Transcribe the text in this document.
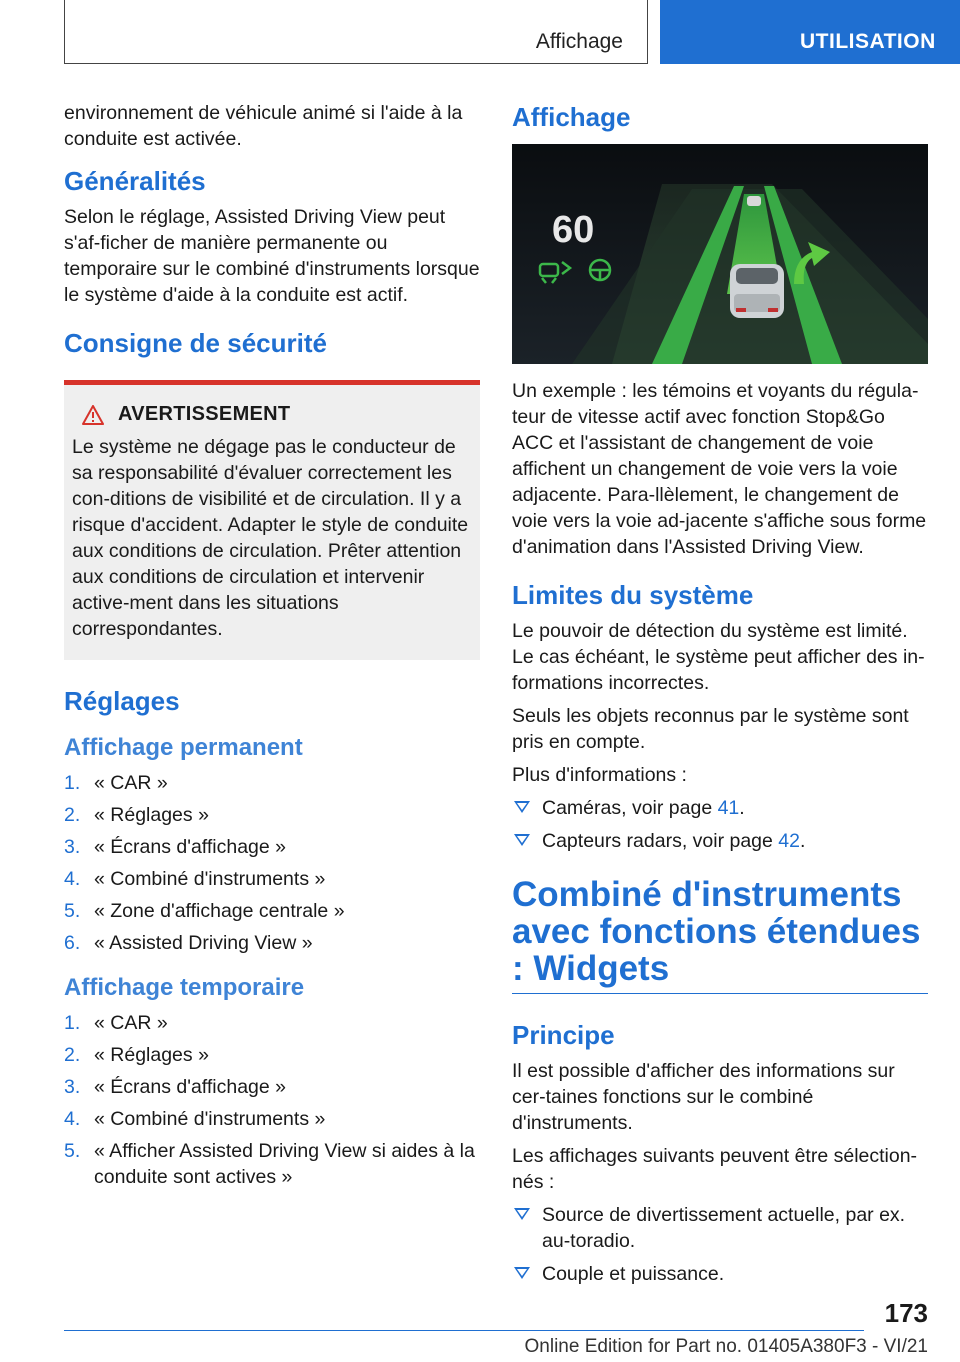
Affichage	UTILISATION

environnement de véhicule animé si l'aide à la conduite est activée.

Généralités

Selon le réglage, Assisted Driving View peut s'af-ficher de manière permanente ou temporaire sur le combiné d'instruments lorsque le système d'aide à la conduite est actif.

Consigne de sécurité
AVERTISSEMENT

Le système ne dégage pas le conducteur de sa responsabilité d'évaluer correctement les con-ditions de visibilité et de circulation. Il y a risque d'accident. Adapter le style de conduite aux conditions de circulation. Prêter attention aux conditions de circulation et intervenir active-ment dans les situations correspondantes.

Réglages
Affichage permanent
1. « CAR »
2. « Réglages »
3. « Écrans d'affichage »
4. « Combiné d'instruments »
5. « Zone d'affichage centrale »
6. « Assisted Driving View »
Affichage temporaire
1. « CAR »
2. « Réglages »
3. « Écrans d'affichage »
4. « Combiné d'instruments »
5. « Afficher Assisted Driving View si aides à la conduite sont actives »
Affichage
60

Un exemple : les témoins et voyants du régula-teur de vitesse actif avec fonction Stop&Go ACC et l'assistant de changement de voie affichent un changement de voie vers la voie adjacente. Para-llèlement, le changement de voie vers la voie ad-jacente s'affiche sous forme d'animation dans l'Assisted Driving View.

Limites du système

Le pouvoir de détection du système est limité. Le cas échéant, le système peut afficher des in-formations incorrectes.

Seuls les objets reconnus par le système sont pris en compte.

Plus d'informations :

Caméras, voir page 41.
Capteurs radars, voir page 42.
Combiné d'instruments avec fonctions étendues : Widgets
Principe

Il est possible d'afficher des informations sur cer-taines fonctions sur le combiné d'instruments.

Les affichages suivants peuvent être sélection-nés :

Source de divertissement actuelle, par ex. au-toradio.
Couple et puissance.
173
Online Edition for Part no. 01405A380F3 - VI/21
